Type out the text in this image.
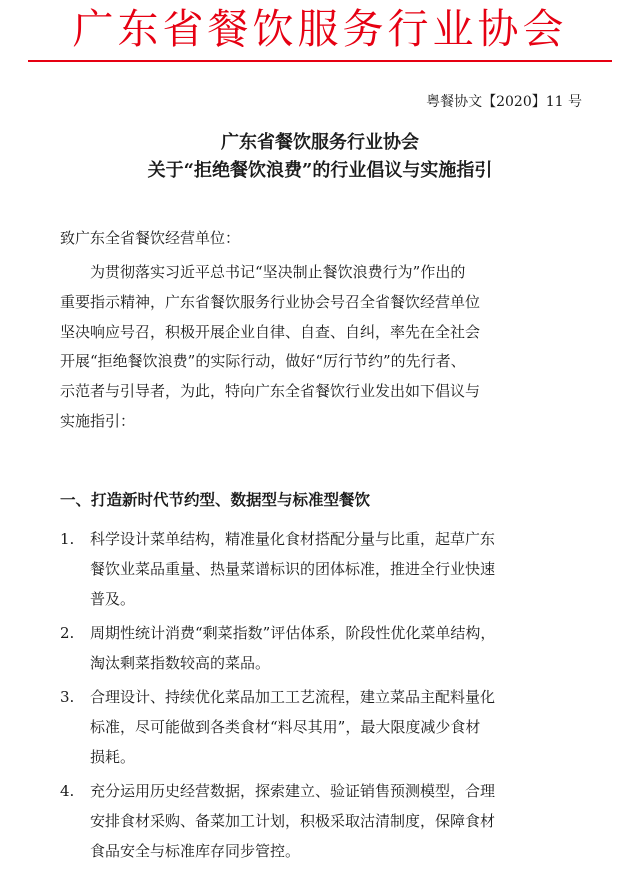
广东省餐饮服务行业协会
粤餐协文【2020】11 号
广东省餐饮服务行业协会
关于“拒绝餐饮浪费”的行业倡议与实施指引
致广东全省餐饮经营单位：
为贯彻落实习近平总书记“坚决制止餐饮浪费行为”作出的
重要指示精神，广东省餐饮服务行业协会号召全省餐饮经营单位
坚决响应号召，积极开展企业自律、自查、自纠，率先在全社会
开展“拒绝餐饮浪费”的实际行动，做好“厉行节约”的先行者、
示范者与引导者，为此，特向广东全省餐饮行业发出如下倡议与
实施指引：
一、打造新时代节约型、数据型与标准型餐饮
1.	科学设计菜单结构，精准量化食材搭配分量与比重，起草广东
餐饮业菜品重量、热量菜谱标识的团体标准，推进全行业快速
普及。
2.	周期性统计消费“剩菜指数”评估体系，阶段性优化菜单结构，
淘汰剩菜指数较高的菜品。
3.	合理设计、持续优化菜品加工工艺流程，建立菜品主配料量化
标准，尽可能做到各类食材“料尽其用”，最大限度减少食材
损耗。
4.	充分运用历史经营数据，探索建立、验证销售预测模型，合理
安排食材采购、备菜加工计划，积极采取沽清制度，保障食材
食品安全与标准库存同步管控。
